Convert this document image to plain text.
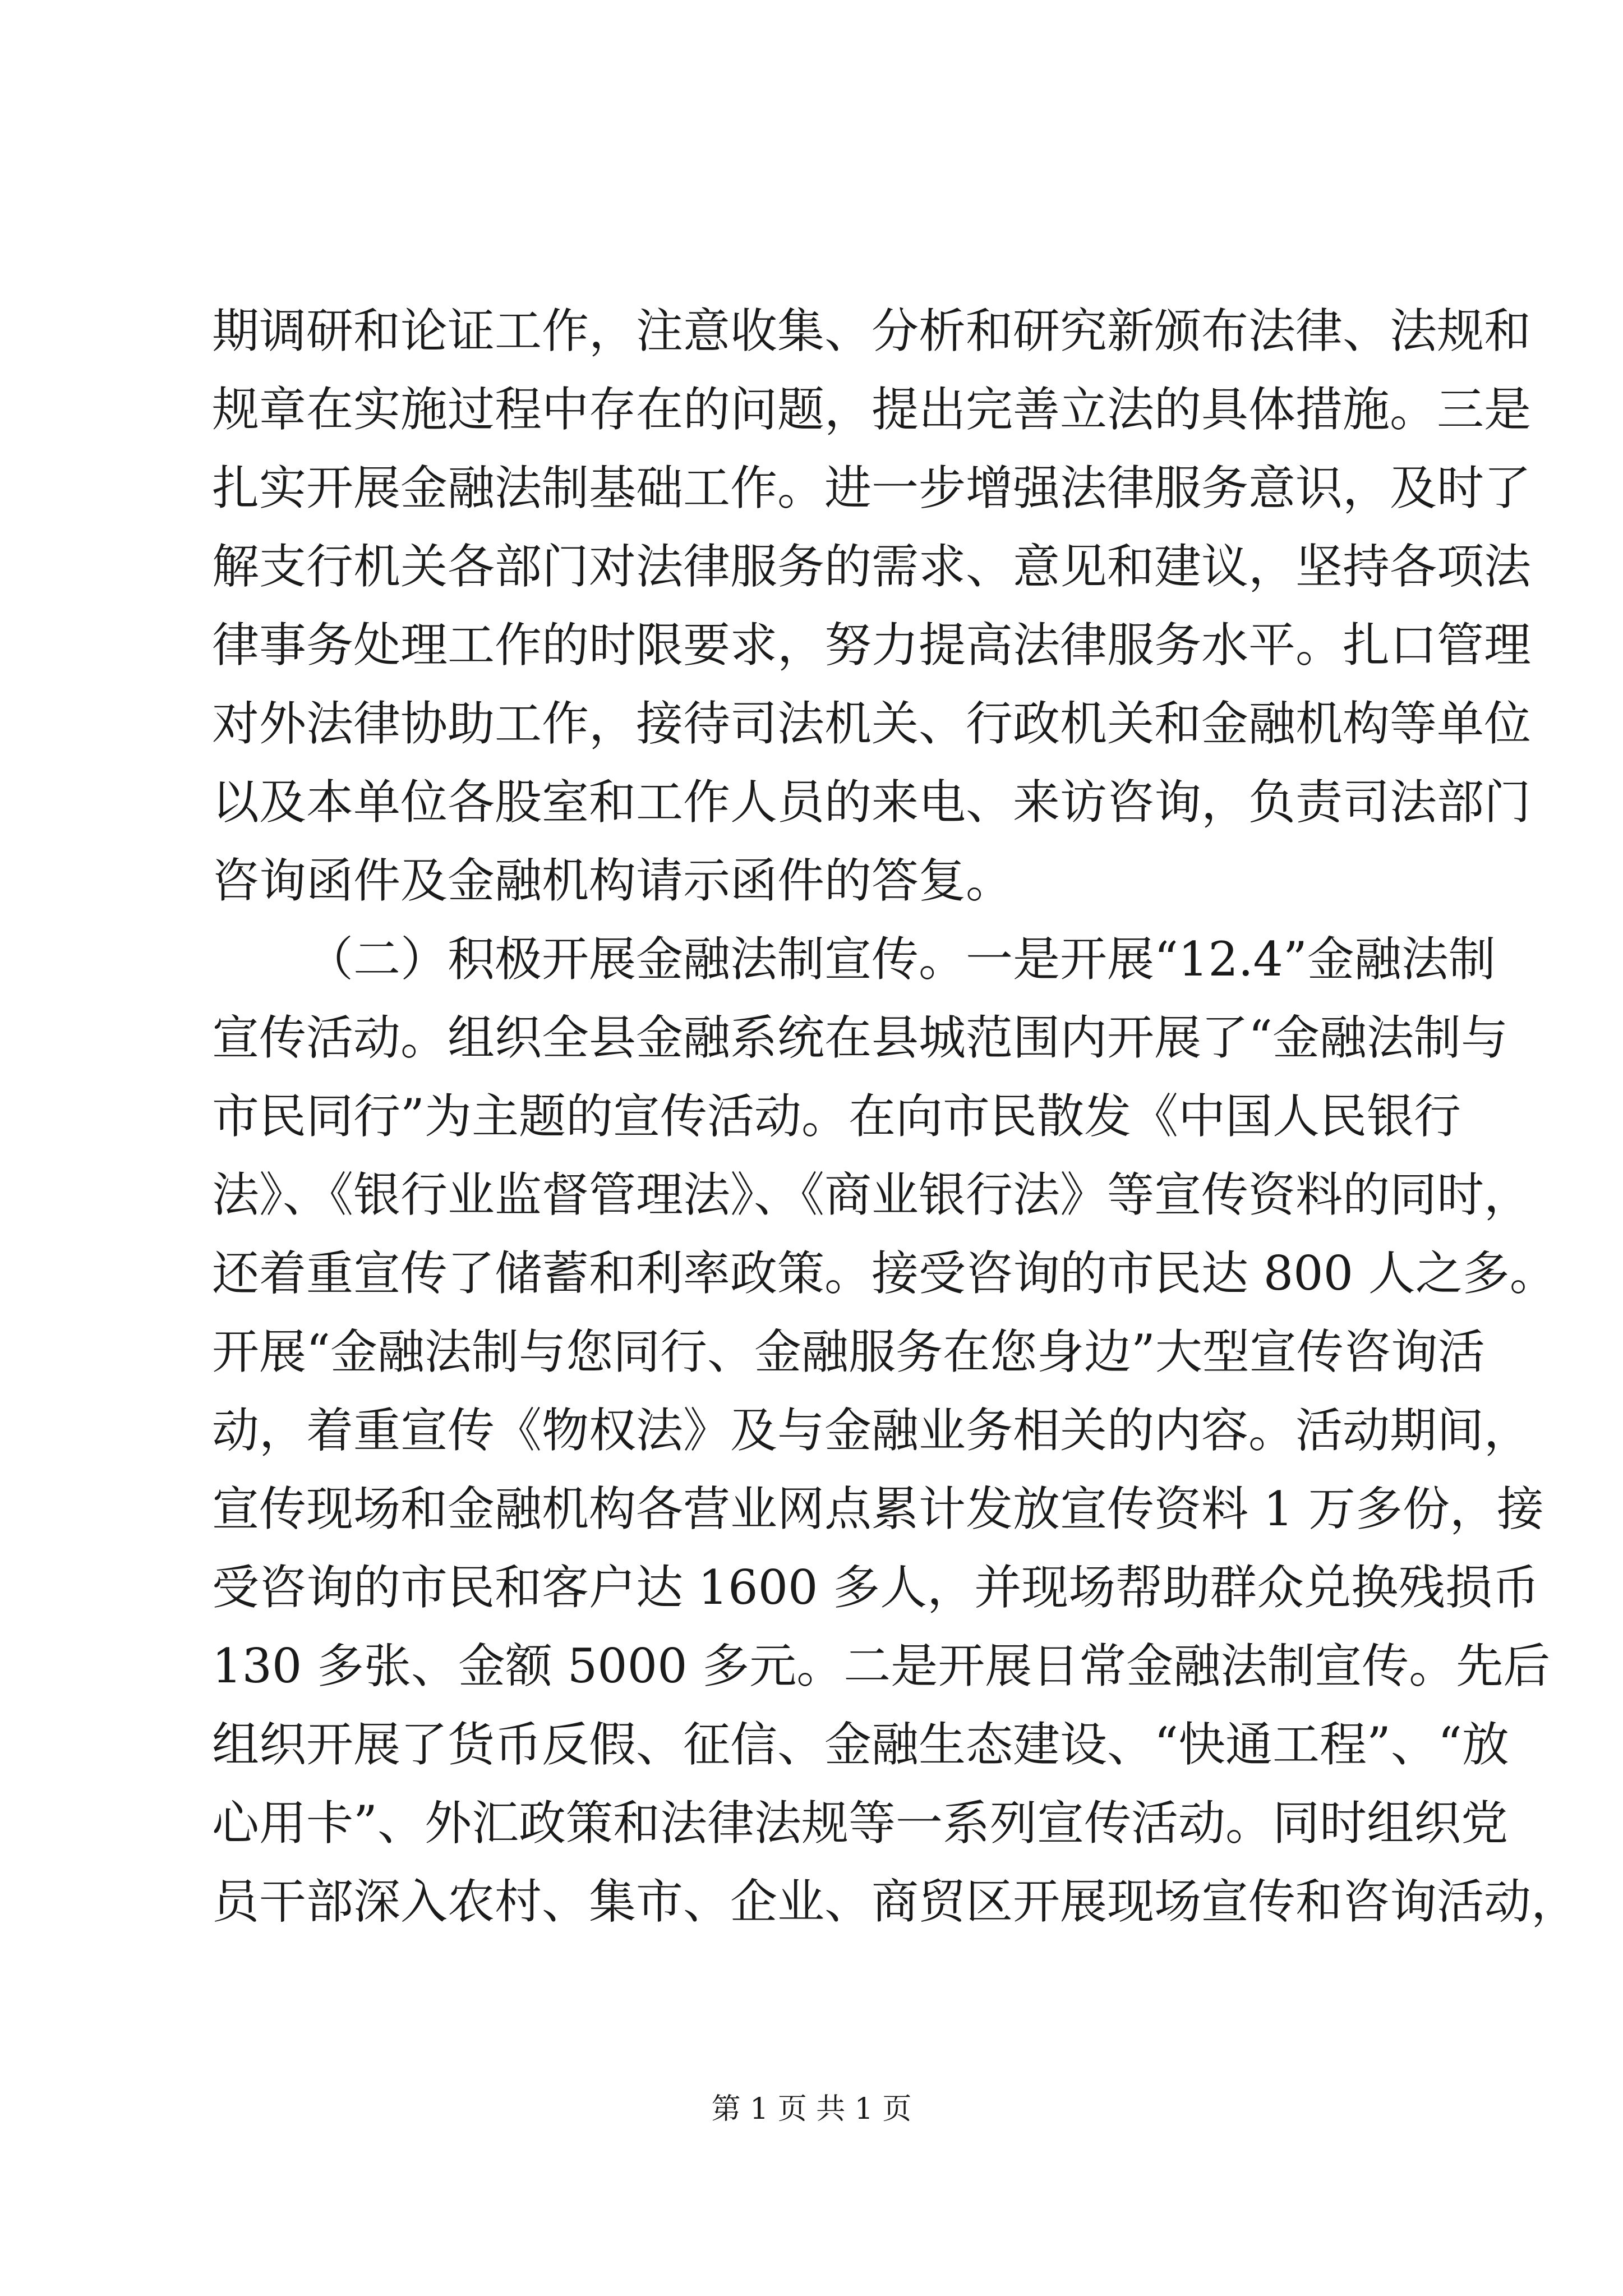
期调研和论证工作，注意收集、分析和研究新颁布法律、法规和
规章在实施过程中存在的问题，提出完善立法的具体措施。三是
扎实开展金融法制基础工作。进一步增强法律服务意识，及时了
解支行机关各部门对法律服务的需求、意见和建议，坚持各项法
律事务处理工作的时限要求，努力提高法律服务水平。扎口管理
对外法律协助工作，接待司法机关、行政机关和金融机构等单位
以及本单位各股室和工作人员的来电、来访咨询，负责司法部门
咨询函件及金融机构请示函件的答复。
（二）积极开展金融法制宣传。一是开展“12.4”金融法制
宣传活动。组织全县金融系统在县城范围内开展了“金融法制与
市民同行”为主题的宣传活动。在向市民散发《中国人民银行
法》、《银行业监督管理法》、《商业银行法》等宣传资料的同时，
还着重宣传了储蓄和利率政策。接受咨询的市民达 800 人之多。
开展“金融法制与您同行、金融服务在您身边”大型宣传咨询活
动，着重宣传《物权法》及与金融业务相关的内容。活动期间，
宣传现场和金融机构各营业网点累计发放宣传资料 1 万多份，接
受咨询的市民和客户达 1600 多人，并现场帮助群众兑换残损币
130 多张、金额 5000 多元。二是开展日常金融法制宣传。先后
组织开展了货币反假、征信、金融生态建设、“快通工程”、“放
心用卡”、外汇政策和法律法规等一系列宣传活动。同时组织党
员干部深入农村、集市、企业、商贸区开展现场宣传和咨询活动，
第 1 页 共 1 页
